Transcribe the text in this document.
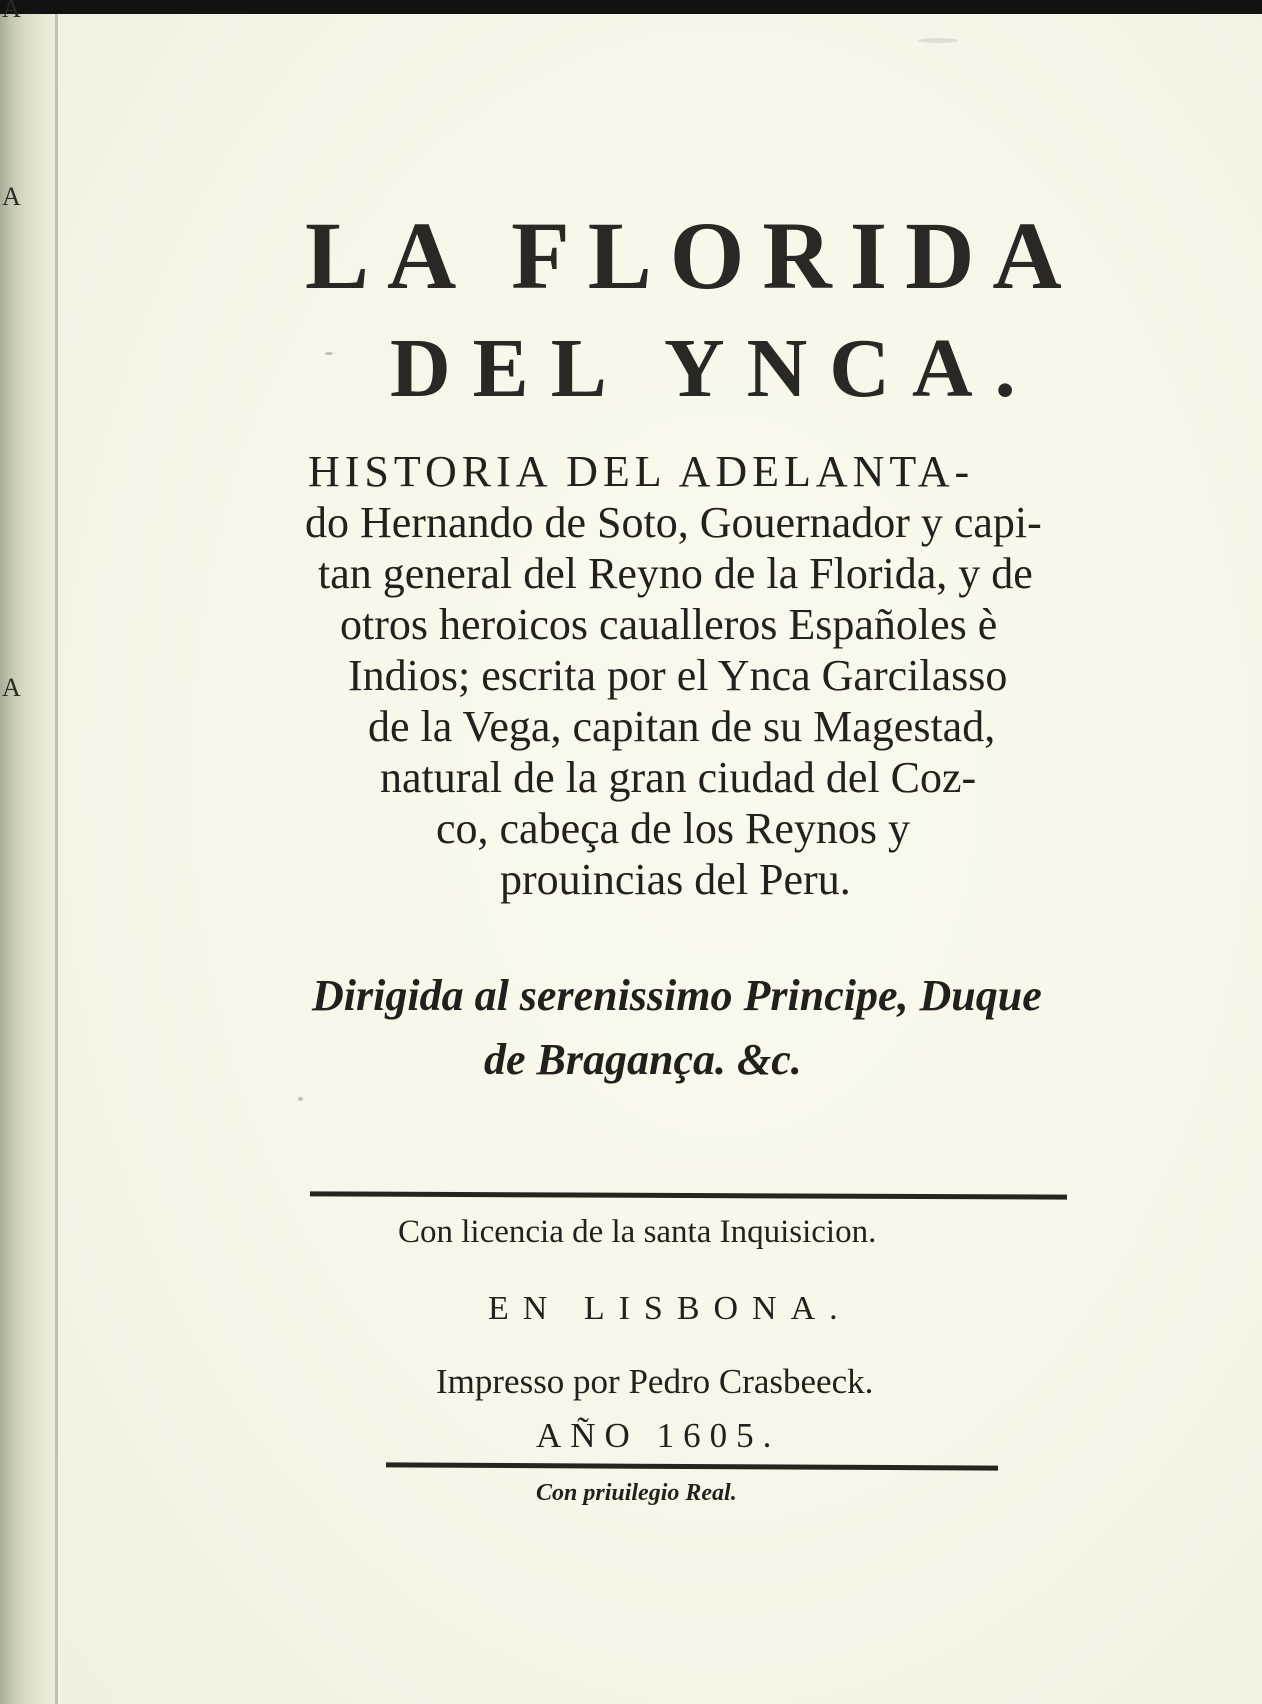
A
A
A
LA FLORIDA
DEL YNCA.

HISTORIA DEL ADELANTA-

do Hernando de Soto, Gouernador y capi-

tan general del Reyno de la Florida, y de

otros heroicos caualleros Españoles è

Indios; escrita por el Ynca Garcilasso

de la Vega, capitan de su Magestad,

natural de la gran ciudad del Coz-

co, cabeça de los Reynos y

prouincias del Peru.

Dirigida al serenissimo Principe, Duque

de Bragança. &c.

Con licencia de la santa Inquisicion.

EN LISBONA.

Impresso por Pedro Crasbeeck.

AÑO 1605.

Con priuilegio Real.
